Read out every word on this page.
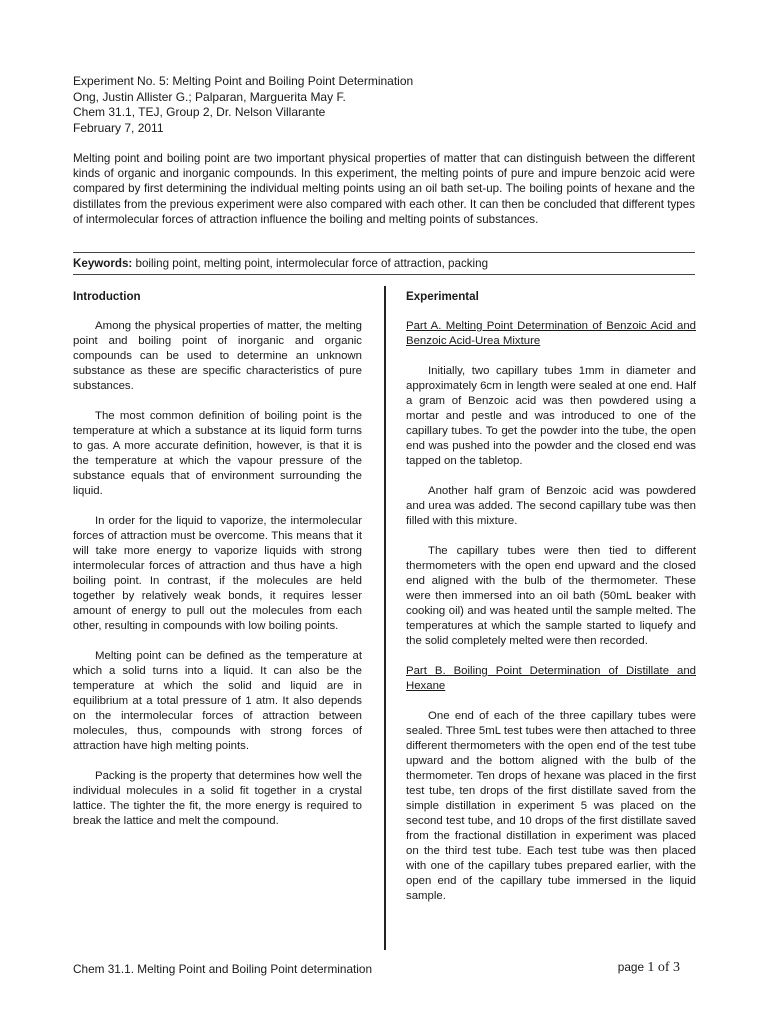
Experiment No. 5: Melting Point and Boiling Point Determination
Ong, Justin Allister G.; Palparan, Marguerita May F.
Chem 31.1, TEJ, Group 2, Dr. Nelson Villarante
February 7, 2011
Melting point and boiling point are two important physical properties of matter that can distinguish between the different kinds of organic and inorganic compounds. In this experiment, the melting points of pure and impure benzoic acid were compared by first determining the individual melting points using an oil bath set-up. The boiling points of hexane and the distillates from the previous experiment were also compared with each other. It can then be concluded that different types of intermolecular forces of attraction influence the boiling and melting points of substances.
Keywords: boiling point, melting point, intermolecular force of attraction, packing
Introduction

Among the physical properties of matter, the melting point and boiling point of inorganic and organic compounds can be used to determine an unknown substance as these are specific characteristics of pure substances.

The most common definition of boiling point is the temperature at which a substance at its liquid form turns to gas. A more accurate definition, however, is that it is the temperature at which the vapour pressure of the substance equals that of environment surrounding the liquid.

In order for the liquid to vaporize, the intermolecular forces of attraction must be overcome. This means that it will take more energy to vaporize liquids with strong intermolecular forces of attraction and thus have a high boiling point. In contrast, if the molecules are held together by relatively weak bonds, it requires lesser amount of energy to pull out the molecules from each other, resulting in compounds with low boiling points.

Melting point can be defined as the temperature at which a solid turns into a liquid. It can also be the temperature at which the solid and liquid are in equilibrium at a total pressure of 1 atm. It also depends on the intermolecular forces of attraction between molecules, thus, compounds with strong forces of attraction have high melting points.

Packing is the property that determines how well the individual molecules in a solid fit together in a crystal lattice. The tighter the fit, the more energy is required to break the lattice and melt the compound.

Experimental
Part A. Melting Point Determination of Benzoic Acid and Benzoic Acid-Urea Mixture

Initially, two capillary tubes 1mm in diameter and approximately 6cm in length were sealed at one end. Half a gram of Benzoic acid was then powdered using a mortar and pestle and was introduced to one of the capillary tubes. To get the powder into the tube, the open end was pushed into the powder and the closed end was tapped on the tabletop.

Another half gram of Benzoic acid was powdered and urea was added. The second capillary tube was then filled with this mixture.

The capillary tubes were then tied to different thermometers with the open end upward and the closed end aligned with the bulb of the thermometer. These were then immersed into an oil bath (50mL beaker with cooking oil) and was heated until the sample melted. The temperatures at which the sample started to liquefy and the solid completely melted were then recorded.

Part B. Boiling Point Determination of Distillate and Hexane

One end of each of the three capillary tubes were sealed. Three 5mL test tubes were then attached to three different thermometers with the open end of the test tube upward and the bottom aligned with the bulb of the thermometer. Ten drops of hexane was placed in the first test tube, ten drops of the first distillate saved from the simple distillation in experiment 5 was placed on the second test tube, and 10 drops of the first distillate saved from the fractional distillation in experiment was placed on the third test tube. Each test tube was then placed with one of the capillary tubes prepared earlier, with the open end of the capillary tube immersed in the liquid sample.

Chem 31.1. Melting Point and Boiling Point determination	page 1 of 3
